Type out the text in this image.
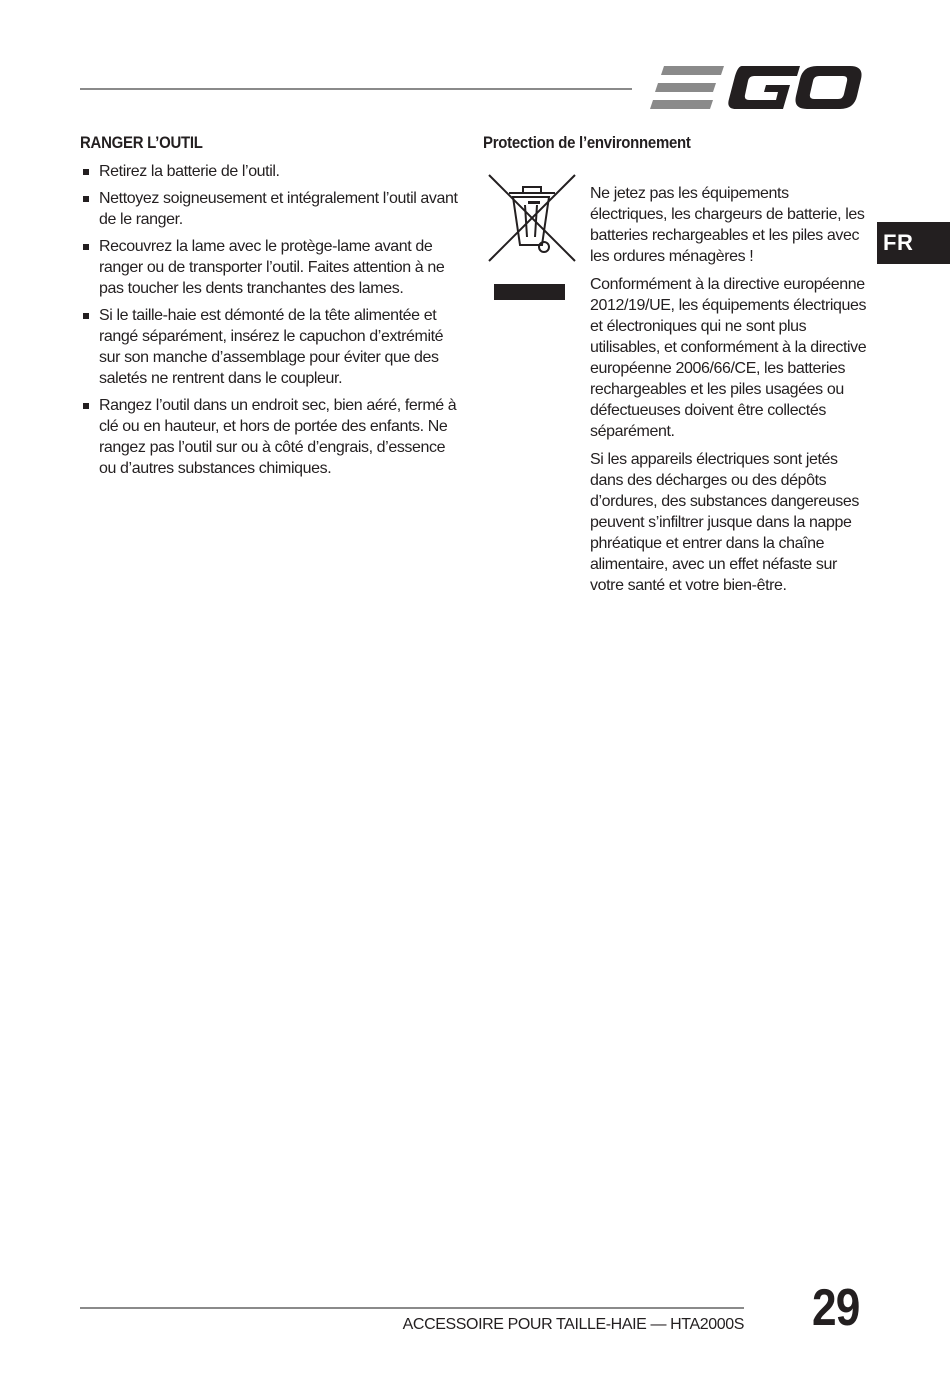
FR
RANGER L’OUTIL
Retirez la batterie de l’outil.
Nettoyez soigneusement et intégralement l’outil avant de le ranger.
Recouvrez la lame avec le protège-lame avant de ranger ou de transporter l’outil. Faites attention à ne pas toucher les dents tranchantes des lames.
Si le taille-haie est démonté de la tête alimentée et rangé séparément, insérez le capuchon d’extrémité sur son manche d’assemblage pour éviter que des saletés ne rentrent dans le coupleur.
Rangez l’outil dans un endroit sec, bien aéré, fermé à clé ou en hauteur, et hors de portée des enfants. Ne rangez pas l’outil sur ou à côté d’engrais, d’essence ou d’autres substances chimiques.
Protection de l’environnement

Ne jetez pas les équipements électriques, les chargeurs de batterie, les batteries rechargeables et les piles avec les ordures ménagères !

Conformément à la directive européenne 2012/19/UE, les équipements électriques et électroniques qui ne sont plus utilisables, et conformément à la directive européenne 2006/66/CE, les batteries rechargeables et les piles usagées ou défectueuses doivent être collectés séparément.

Si les appareils électriques sont jetés dans des décharges ou des dépôts d’ordures, des substances dangereuses peuvent s’infiltrer jusque dans la nappe phréatique et entrer dans la chaîne alimentaire, avec un effet néfaste sur votre santé et votre bien-être.

ACCESSOIRE POUR TAILLE-HAIE — HTA2000S 29
